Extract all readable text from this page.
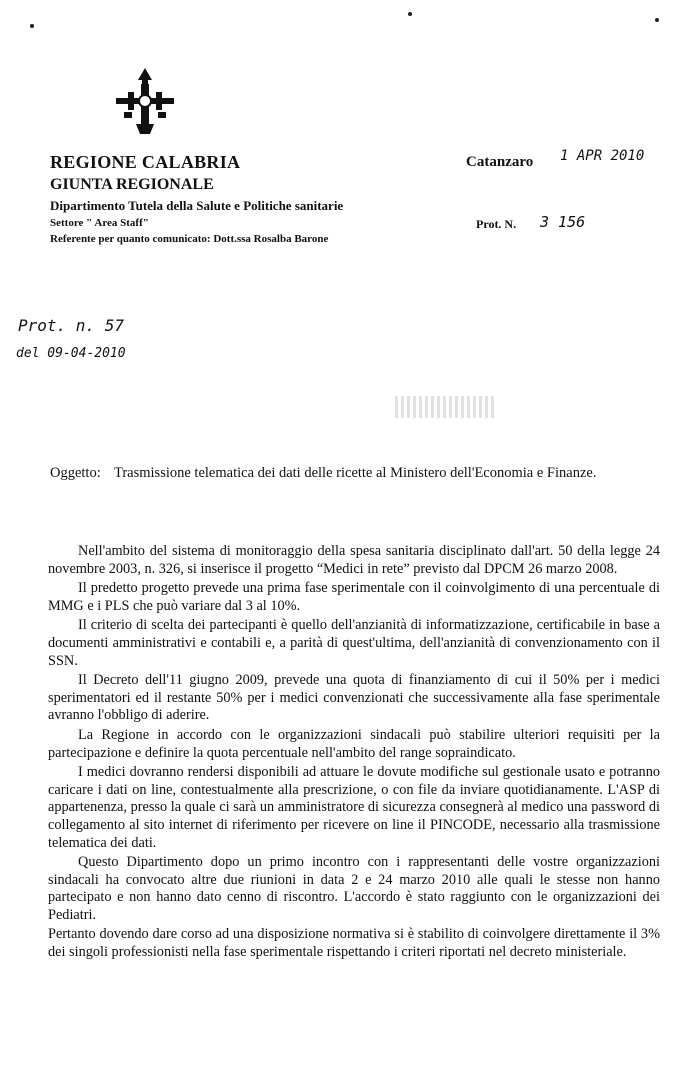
REGIONE CALABRIA
GIUNTA REGIONALE
Dipartimento Tutela della Salute e Politiche sanitarie
Settore " Area Staff"
Referente per quanto comunicato: Dott.ssa Rosalba Barone
Catanzaro 1 APR 2010
Prot. N. 3 156
Prot. n. 57
del 09-04-2010
Oggetto: Trasmissione telematica dei dati delle ricette al Ministero dell'Economia e Finanze.

Nell'ambito del sistema di monitoraggio della spesa sanitaria disciplinato dall'art. 50 della legge 24 novembre 2003, n. 326, si inserisce il progetto “Medici in rete” previsto dal DPCM 26 marzo 2008.

Il predetto progetto prevede una prima fase sperimentale con il coinvolgimento di una percentuale di MMG e i PLS che può variare dal 3 al 10%.

Il criterio di scelta dei partecipanti è quello dell'anzianità di informatizzazione, certificabile in base a documenti amministrativi e contabili e, a parità di quest'ultima, dell'anzianità di convenzionamento con il SSN.

Il Decreto dell'11 giugno 2009, prevede una quota di finanziamento di cui il 50% per i medici sperimentatori ed il restante 50% per i medici convenzionati che successivamente alla fase sperimentale avranno l'obbligo di aderire.

La Regione in accordo con le organizzazioni sindacali può stabilire ulteriori requisiti per la partecipazione e definire la quota percentuale nell'ambito del range sopraindicato.

I medici dovranno rendersi disponibili ad attuare le dovute modifiche sul gestionale usato e potranno caricare i dati on line, contestualmente alla prescrizione, o con file da inviare quotidianamente. L'ASP di appartenenza, presso la quale ci sarà un amministratore di sicurezza consegnerà al medico una password di collegamento al sito internet di riferimento per ricevere on line il PINCODE, necessario alla trasmissione telematica dei dati.

Questo Dipartimento dopo un primo incontro con i rappresentanti delle vostre organizzazioni sindacali ha convocato altre due riunioni in data 2 e 24 marzo 2010 alle quali le stesse non hanno partecipato e non hanno dato cenno di riscontro. L'accordo è stato raggiunto con le organizzazioni dei Pediatri.

Pertanto dovendo dare corso ad una disposizione normativa si è stabilito di coinvolgere direttamente il 3% dei singoli professionisti nella fase sperimentale rispettando i criteri riportati nel decreto ministeriale.
